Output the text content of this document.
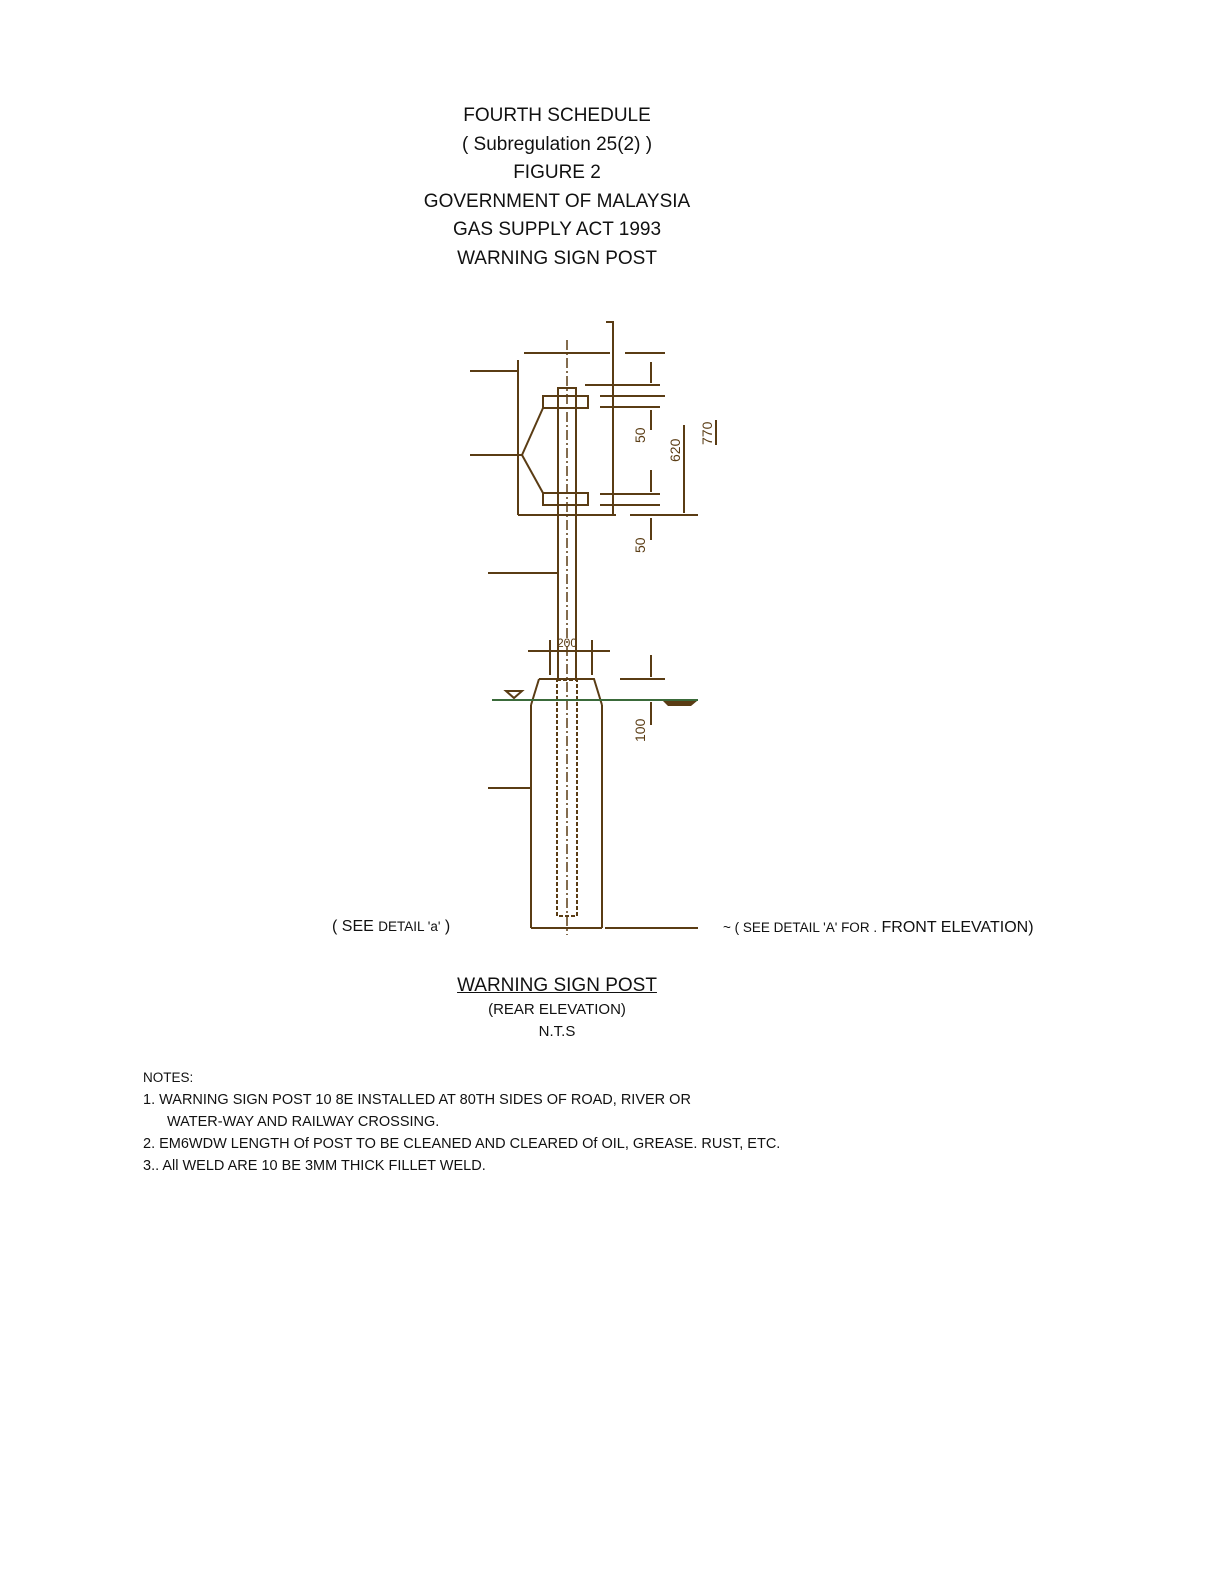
FOURTH SCHEDULE
( Subregulation 25(2) )
FIGURE 2
GOVERNMENT OF MALAYSIA
GAS SUPPLY ACT 1993
WARNING SIGN POST
50
620
770
50
200
100
( SEE DETAIL 'a' )	~ ( SEE DETAIL 'A' FOR . FRONT ELEVATION)
WARNING SIGN POST
(REAR ELEVATION)
N.T.S
NOTES:
1. WARNING SIGN POST 10 8E INSTALLED AT 80TH SIDES OF ROAD, RIVER OR
WATER-WAY AND RAILWAY CROSSING.
2. EM6WDW LENGTH Of POST TO BE CLEANED AND CLEARED Of OIL, GREASE. RUST, ETC.
3.. All WELD ARE 10 BE 3MM THICK FILLET WELD.
